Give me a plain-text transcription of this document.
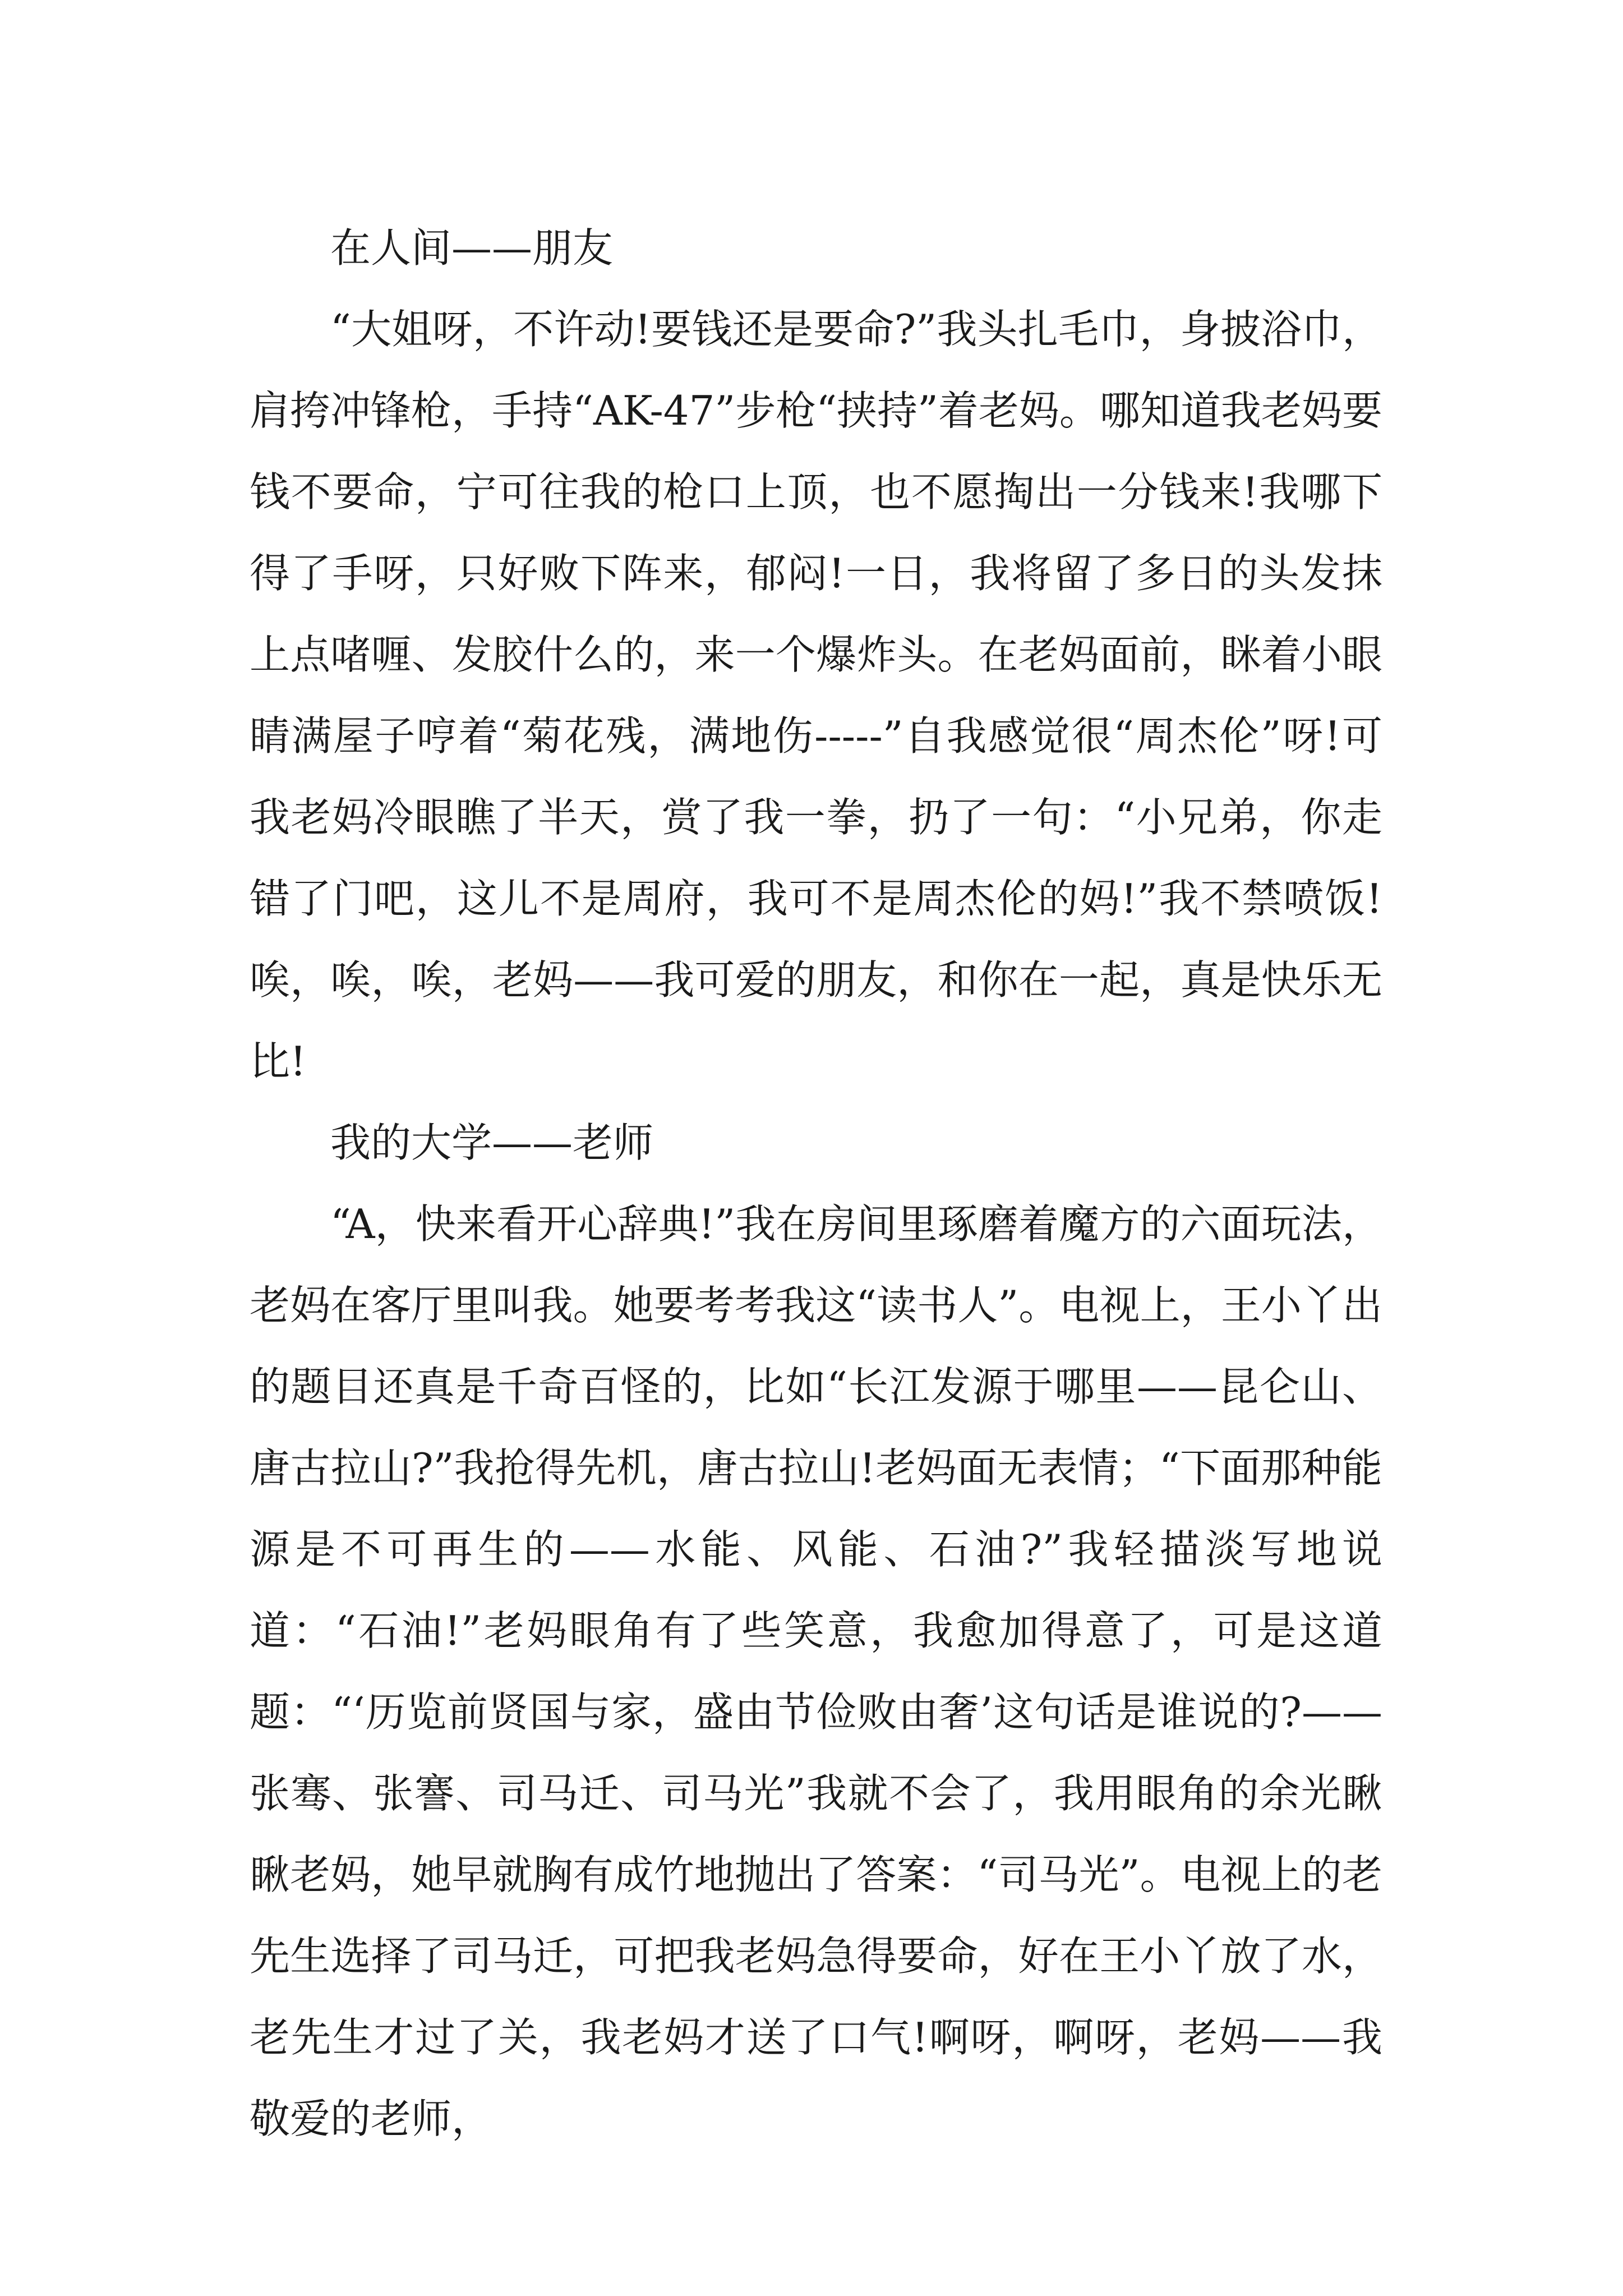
在人间——朋友

“大姐呀，不许动!要钱还是要命?”我头扎毛巾，身披浴巾，肩挎冲锋枪，手持“AK-47”步枪“挟持”着老妈。哪知道我老妈要钱不要命，宁可往我的枪口上顶，也不愿掏出一分钱来!我哪下得了手呀，只好败下阵来，郁闷!一日，我将留了多日的头发抹上点啫喱、发胶什么的，来一个爆炸头。在老妈面前，眯着小眼睛满屋子哼着“菊花残，满地伤-----”自我感觉很“周杰伦”呀!可我老妈冷眼瞧了半天，赏了我一拳，扔了一句：“小兄弟，你走错了门吧，这儿不是周府，我可不是周杰伦的妈!”我不禁喷饭!唉，唉，唉，老妈——我可爱的朋友，和你在一起，真是快乐无比!

我的大学——老师

“A，快来看开心辞典!”我在房间里琢磨着魔方的六面玩法，老妈在客厅里叫我。她要考考我这“读书人”。电视上，王小丫出的题目还真是千奇百怪的，比如“长江发源于哪里——昆仑山、唐古拉山?”我抢得先机，唐古拉山!老妈面无表情；“下面那种能源是不可再生的——水能、风能、石油?”我轻描淡写地说道：“石油!”老妈眼角有了些笑意，我愈加得意了，可是这道题：“‘历览前贤国与家，盛由节俭败由奢’这句话是谁说的?——张骞、张謇、司马迁、司马光”我就不会了，我用眼角的余光瞅瞅老妈，她早就胸有成竹地抛出了答案：“司马光”。电视上的老先生选择了司马迁，可把我老妈急得要命，好在王小丫放了水，老先生才过了关，我老妈才送了口气!啊呀，啊呀，老妈——我敬爱的老师，
